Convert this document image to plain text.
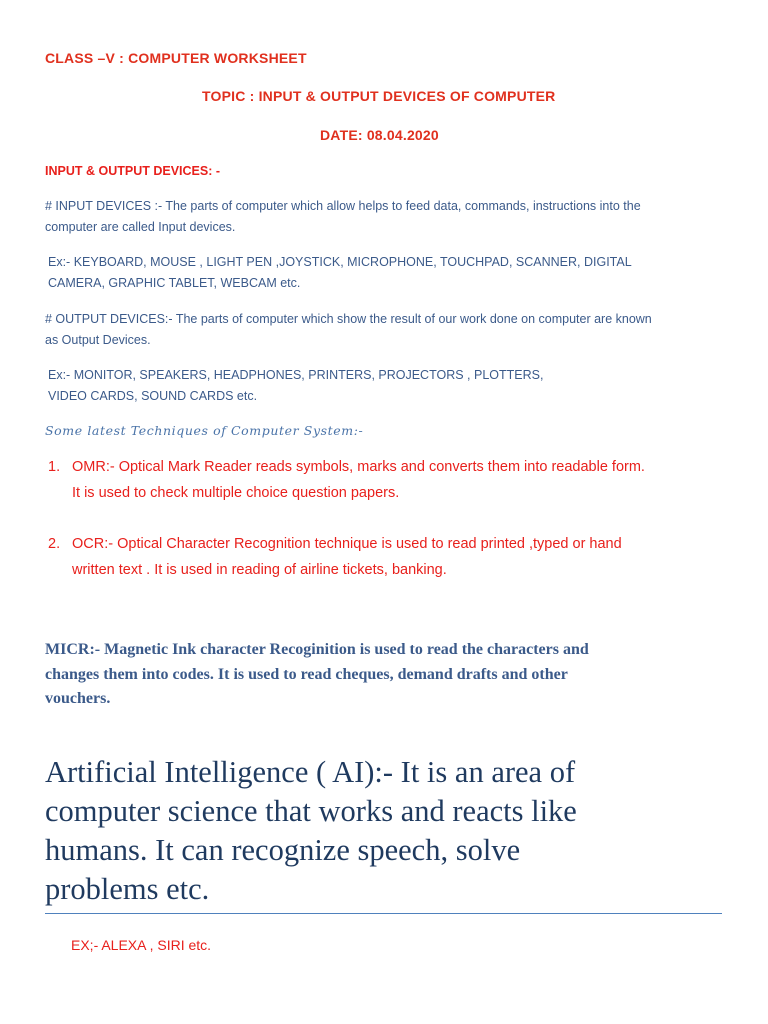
CLASS –V : COMPUTER WORKSHEET
TOPIC : INPUT & OUTPUT DEVICES OF COMPUTER
DATE: 08.04.2020
INPUT & OUTPUT DEVICES: -
# INPUT DEVICES :- The parts of computer which allow helps to feed data, commands, instructions into the
computer are called Input devices.
Ex:- KEYBOARD, MOUSE , LIGHT PEN ,JOYSTICK, MICROPHONE, TOUCHPAD, SCANNER, DIGITAL
CAMERA, GRAPHIC TABLET, WEBCAM etc.
# OUTPUT DEVICES:- The parts of computer which show the result of our work done on computer are known
as Output Devices.
Ex:- MONITOR, SPEAKERS, HEADPHONES, PRINTERS, PROJECTORS , PLOTTERS,
VIDEO CARDS, SOUND CARDS etc.
Some latest Techniques of Computer System:-
1. OMR:- Optical Mark Reader reads symbols, marks and converts them into readable form.
It is used to check multiple choice question papers.
2. OCR:- Optical Character Recognition technique is used to read printed ,typed or hand
written text . It is used in reading of airline tickets, banking.
MICR:- Magnetic Ink character Recoginition is used to read the characters and
changes them into codes. It is used to read cheques, demand drafts and other
vouchers.
Artificial Intelligence ( AI):- It is an area of
computer science that works and reacts like
humans. It can recognize speech, solve
problems etc.
EX;- ALEXA , SIRI etc.
